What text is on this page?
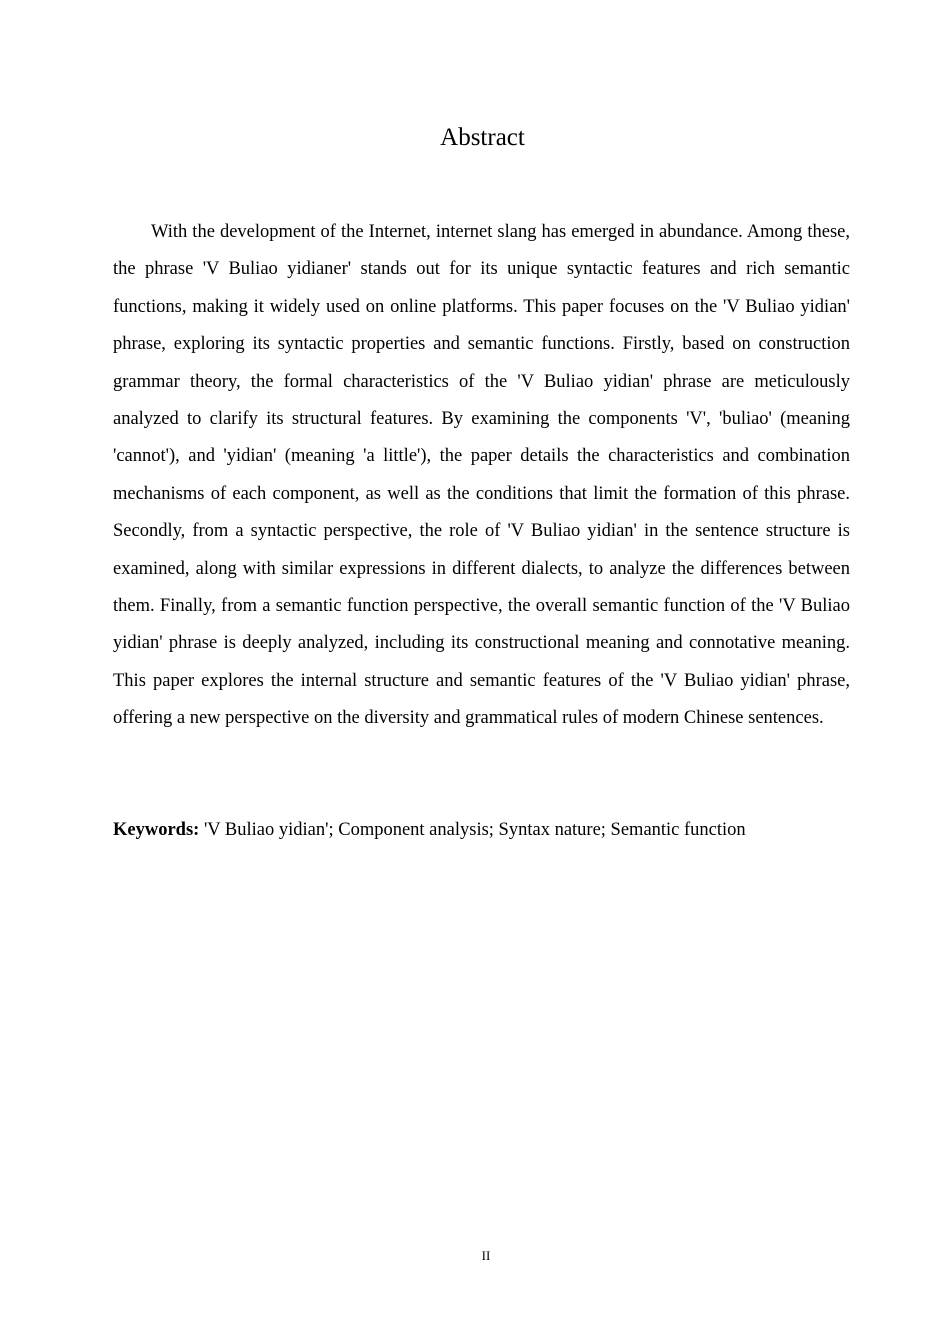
Abstract

With the development of the Internet, internet slang has emerged in abundance. Among these, the phrase 'V Buliao yidianer' stands out for its unique syntactic features and rich semantic functions, making it widely used on online platforms. This paper focuses on the 'V Buliao yidian' phrase, exploring its syntactic properties and semantic functions. Firstly, based on construction grammar theory, the formal characteristics of the 'V Buliao yidian' phrase are meticulously analyzed to clarify its structural features. By examining the components 'V', 'buliao' (meaning 'cannot'), and 'yidian' (meaning 'a little'), the paper details the characteristics and combination mechanisms of each component, as well as the conditions that limit the formation of this phrase. Secondly, from a syntactic perspective, the role of 'V Buliao yidian' in the sentence structure is examined, along with similar expressions in different dialects, to analyze the differences between them. Finally, from a semantic function perspective, the overall semantic function of the 'V Buliao yidian' phrase is deeply analyzed, including its constructional meaning and connotative meaning. This paper explores the internal structure and semantic features of the 'V Buliao yidian' phrase, offering a new perspective on the diversity and grammatical rules of modern Chinese sentences.

Keywords: 'V Buliao yidian'; Component analysis; Syntax nature; Semantic function

II
